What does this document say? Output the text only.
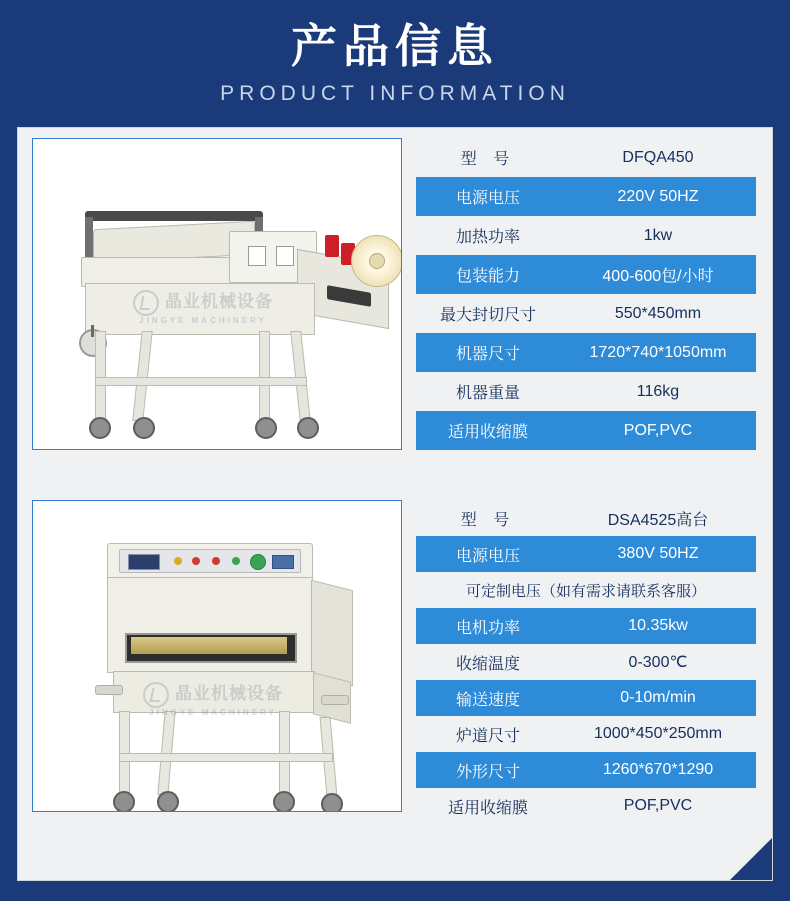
产品信息
PRODUCT INFORMATION
晶业机械设备
JINGYE MACHINERY
型 号	DFQA450
电源电压	220V 50HZ
加热功率	1kw
包装能力	400-600包/小时
最大封切尺寸	550*450mm
机器尺寸	1720*740*1050mm
机器重量	116kg
适用收缩膜	POF,PVC
晶业机械设备
JINGYE MACHINERY
型 号	DSA4525高台
电源电压	380V 50HZ
可定制电压（如有需求请联系客服）	
电机功率	10.35kw
收缩温度	0-300℃
输送速度	0-10m/min
炉道尺寸	1000*450*250mm
外形尺寸	1260*670*1290
适用收缩膜	POF,PVC
